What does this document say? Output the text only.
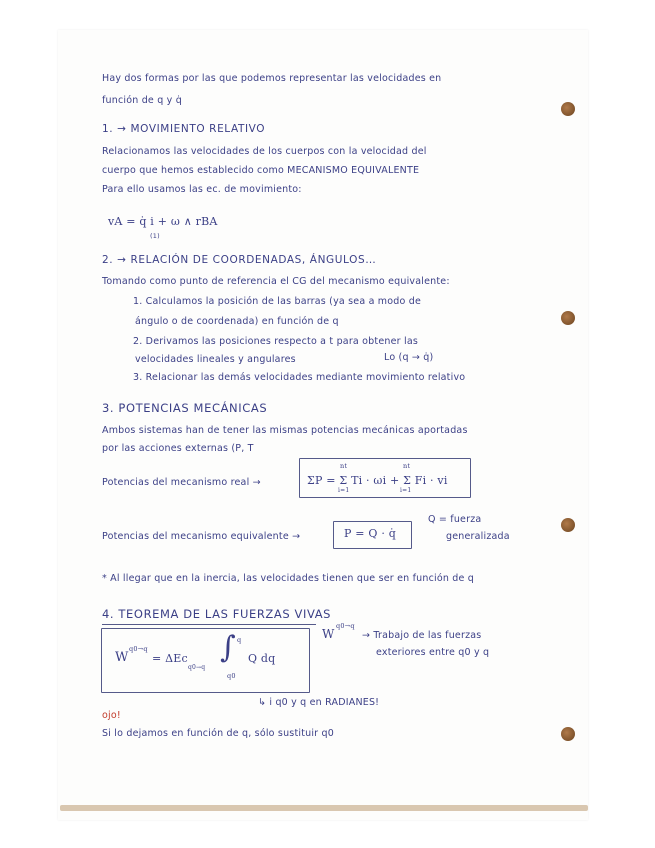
Hay dos formas por las que podemos representar las velocidades en
función de q y q̇
1. → MOVIMIENTO RELATIVO
Relacionamos las velocidades de los cuerpos con la velocidad del
cuerpo que hemos establecido como MECANISMO EQUIVALENTE
Para ello usamos las ec. de movimiento:
vA = q̇ i + ω ∧ rBA
(1)
2. → RELACIÓN DE COORDENADAS, ÁNGULOS…
Tomando como punto de referencia el CG del mecanismo equivalente:
1. Calculamos la posición de las barras (ya sea a modo de
ángulo o de coordenada) en función de q
2. Derivamos las posiciones respecto a t para obtener las
velocidades lineales y angulares	Lo (q → q̇)
3. Relacionar las demás velocidades mediante movimiento relativo
3. POTENCIAS MECÁNICAS
Ambos sistemas han de tener las mismas potencias mecánicas aportadas
por las acciones externas (P, T
Potencias del mecanismo real →
nt	nt
ΣP = Σ Ti · ωi + Σ Fi · vi
i=1	i=1
Potencias del mecanismo equivalente →	P = Q · q̇
Q = fuerza
generalizada
* Al llegar que en la inercia, las velocidades tienen que ser en función de q
4. TEOREMA DE LAS FUERZAS VIVAS
W
q0→q
= ΔEc
q0→q
∫ q
Q dq
q0
W
q0→q
→ Trabajo de las fuerzas
exteriores entre q0 y q
↳ i q0 y q en RADIANES!
ojo!
Si lo dejamos en función de q, sólo sustituir q0
